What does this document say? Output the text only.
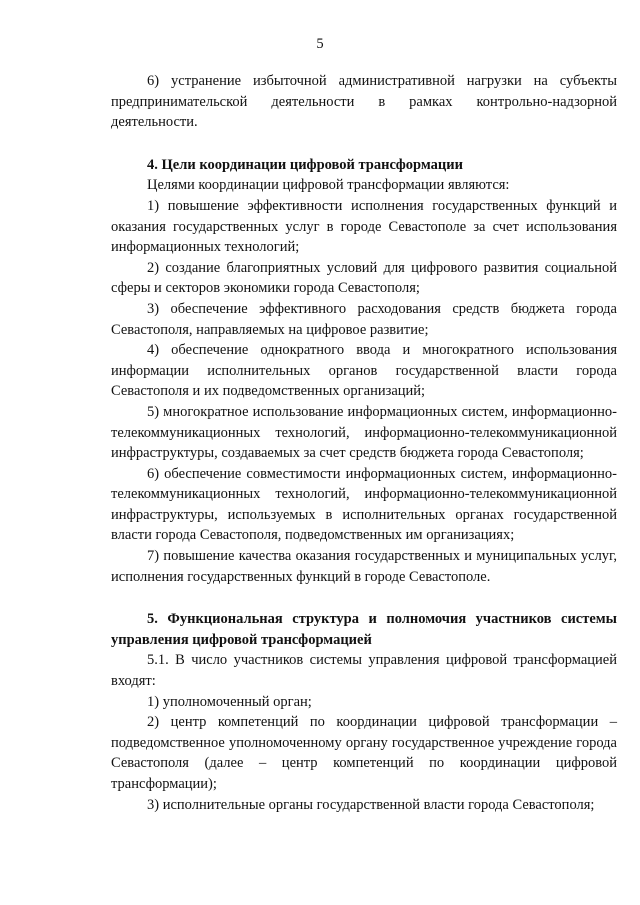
5

6) устранение избыточной административной нагрузки на субъекты предпринимательской деятельности в рамках контрольно-надзорной деятельности.

4. Цели координации цифровой трансформации

Целями координации цифровой трансформации являются:

1) повышение эффективности исполнения государственных функций и оказания государственных услуг в городе Севастополе за счет использования информационных технологий;

2) создание благоприятных условий для цифрового развития социальной сферы и секторов экономики города Севастополя;

3) обеспечение эффективного расходования средств бюджета города Севастополя, направляемых на цифровое развитие;

4) обеспечение однократного ввода и многократного использования информации исполнительных органов государственной власти города Севастополя и их подведомственных организаций;

5) многократное использование информационных систем, информационно-телекоммуникационных технологий, информационно-телекоммуникационной инфраструктуры, создаваемых за счет средств бюджета города Севастополя;

6) обеспечение совместимости информационных систем, информационно-телекоммуникационных технологий, информационно-телекоммуникационной инфраструктуры, используемых в исполнительных органах государственной власти города Севастополя, подведомственных им организациях;

7) повышение качества оказания государственных и муниципальных услуг, исполнения государственных функций в городе Севастополе.

5. Функциональная структура и полномочия участников системы управления цифровой трансформацией

5.1. В число участников системы управления цифровой трансформацией входят:

1) уполномоченный орган;

2) центр компетенций по координации цифровой трансформации – подведомственное уполномоченному органу государственное учреждение города Севастополя (далее – центр компетенций по координации цифровой трансформации);

3) исполнительные органы государственной власти города Севастополя;
